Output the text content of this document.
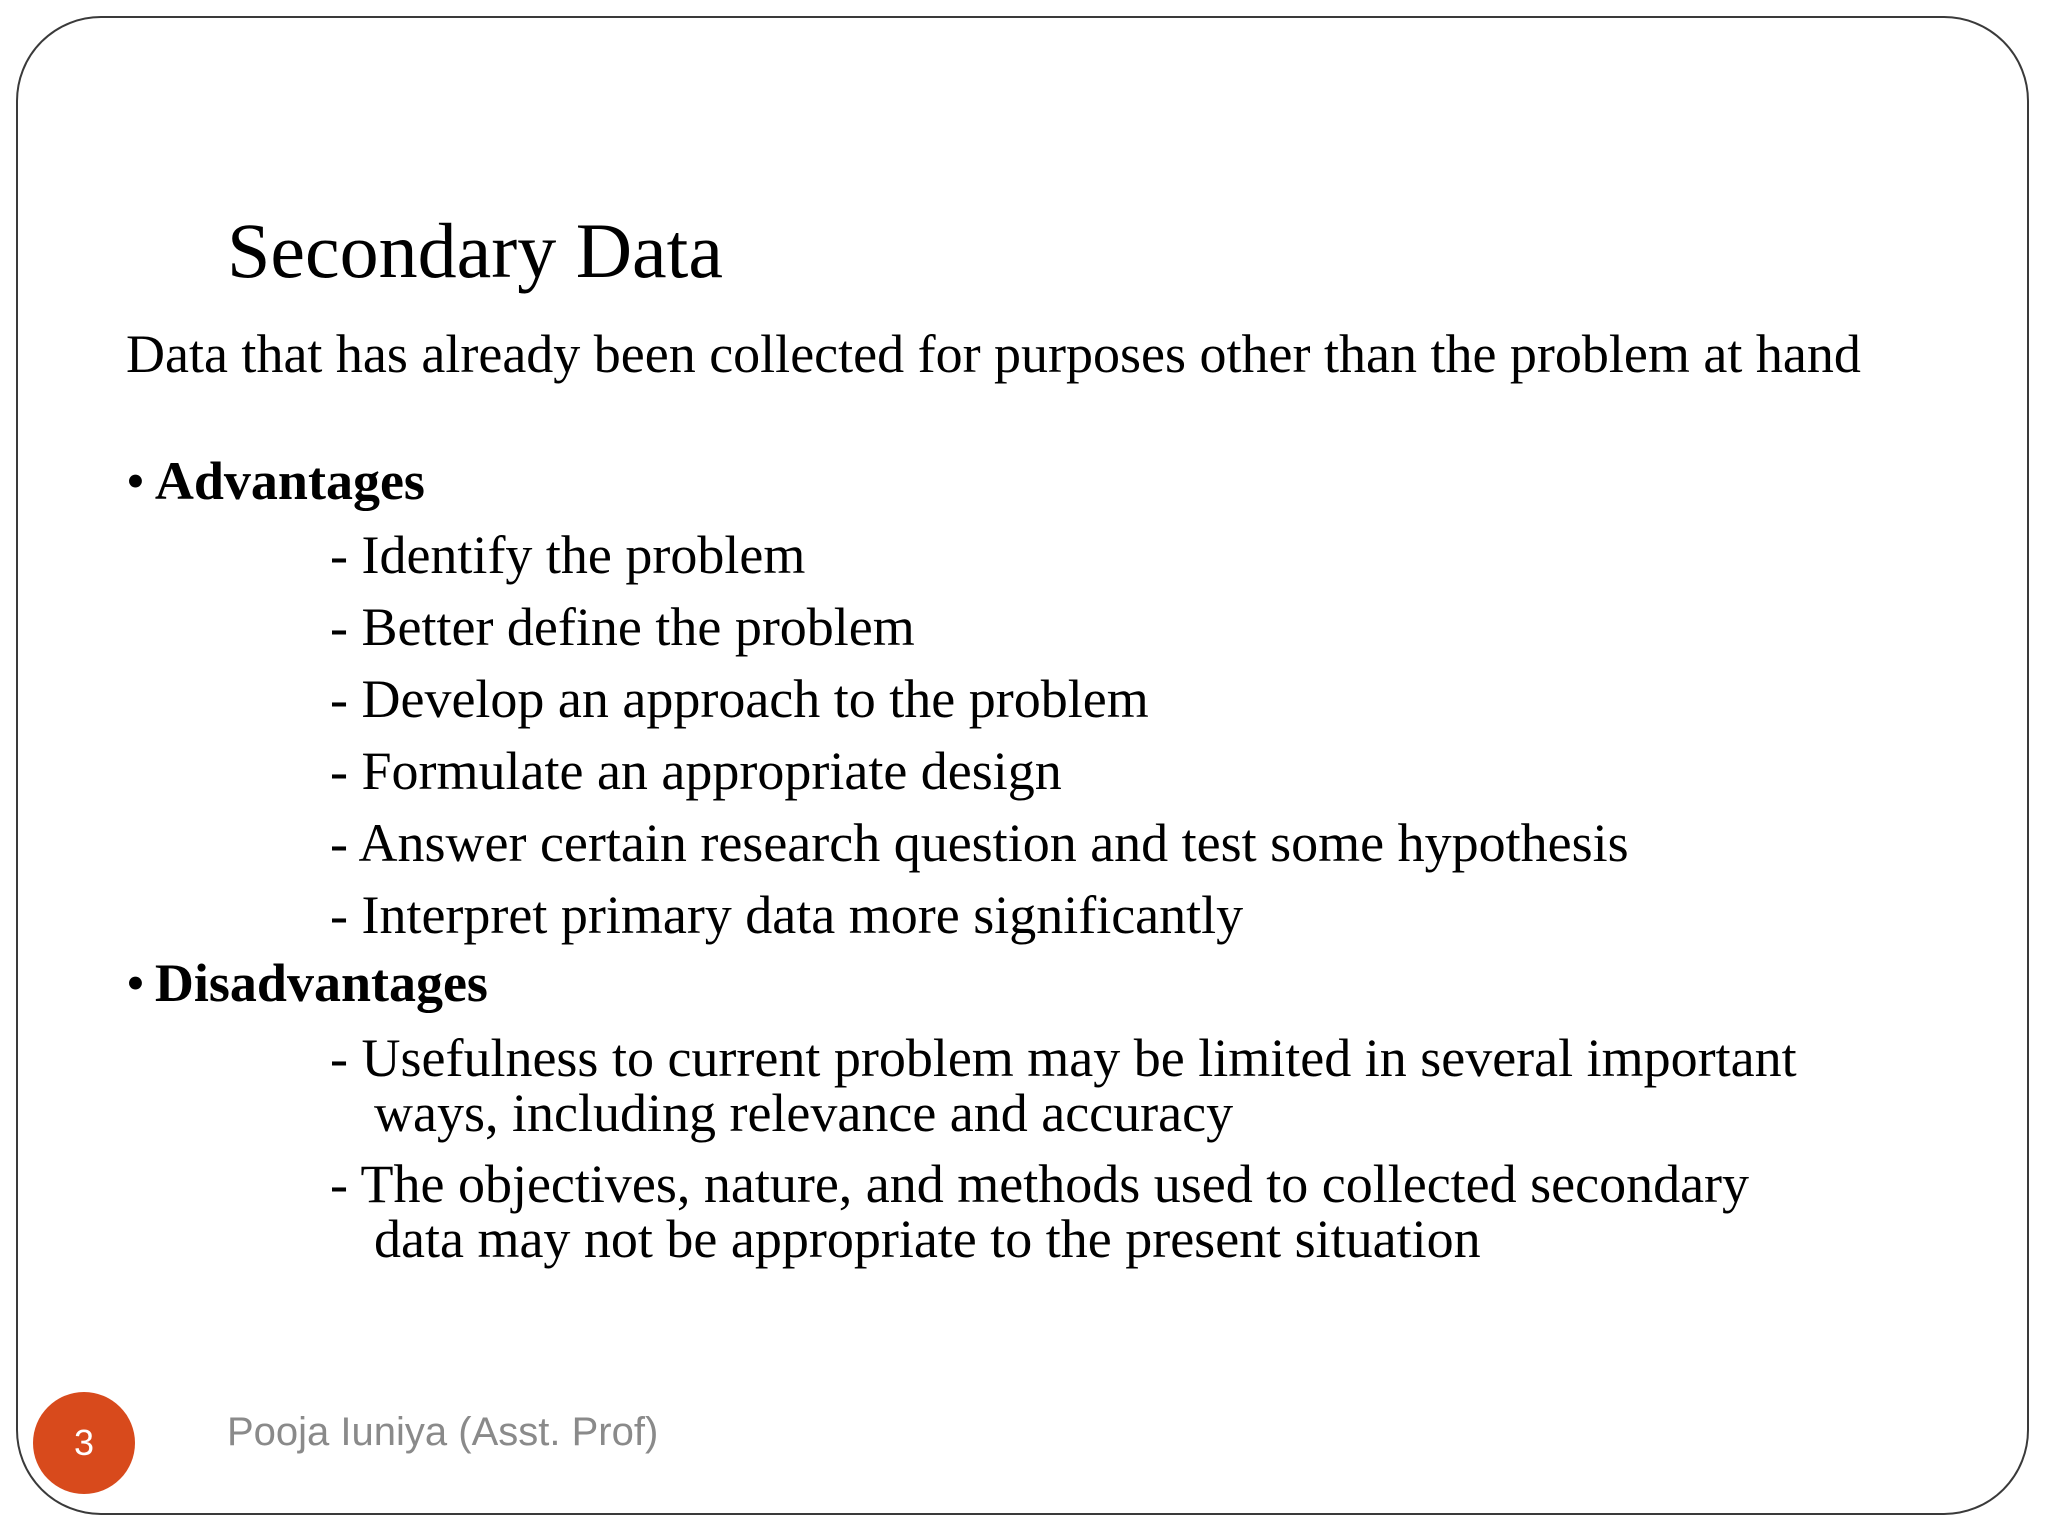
Secondary Data

Data that has already been collected for purposes other than the problem at hand

• Advantages
- Identify the problem
- Better define the problem
- Develop an approach to the problem
- Formulate an appropriate design
- Answer certain research question and test some hypothesis
- Interpret primary data more significantly
• Disadvantages
- Usefulness to current problem may be limited in several important
ways, including relevance and accuracy
- The objectives, nature, and methods used to collected secondary
data may not be appropriate to the present situation
3	Pooja Iuniya (Asst. Prof)
